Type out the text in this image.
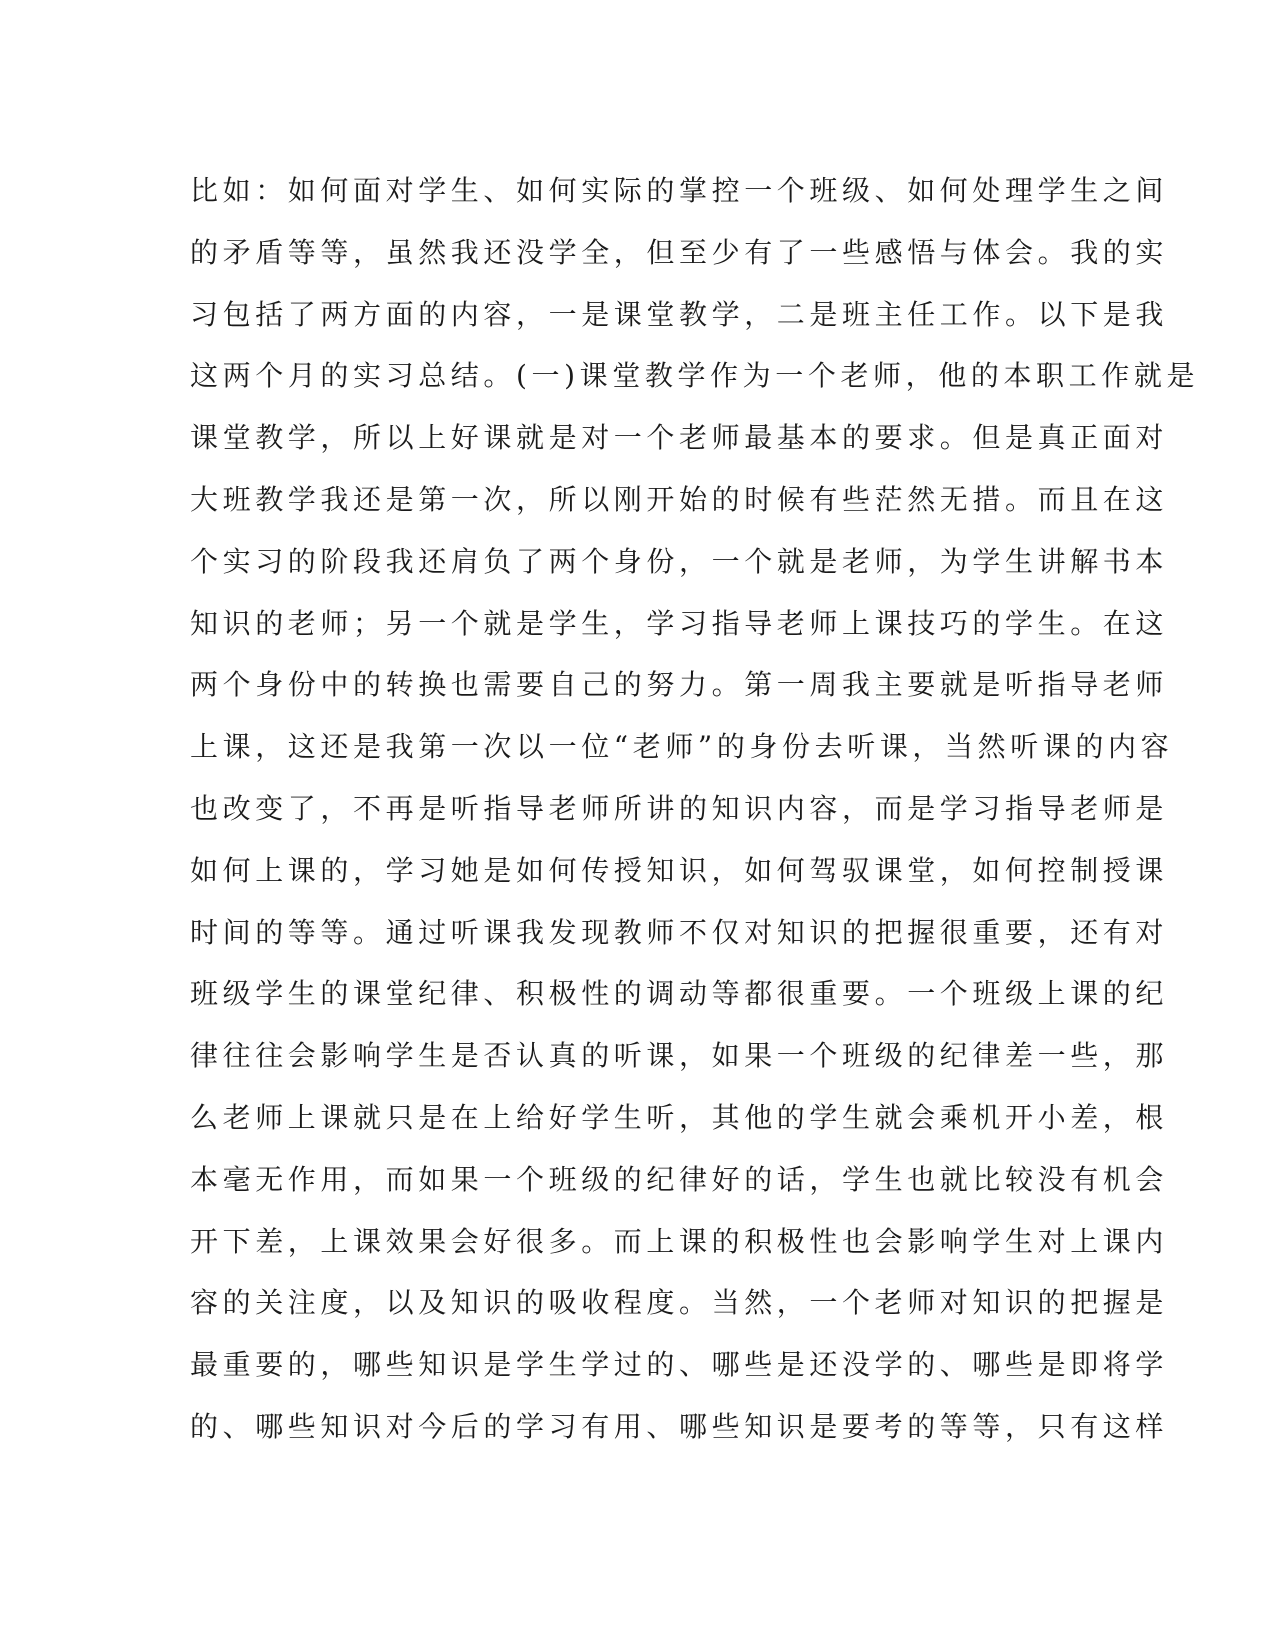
比如：如何面对学生、如何实际的掌控一个班级、如何处理学生之间
的矛盾等等，虽然我还没学全，但至少有了一些感悟与体会。我的实
习包括了两方面的内容，一是课堂教学，二是班主任工作。以下是我
这两个月的实习总结。(一)课堂教学作为一个老师，他的本职工作就是
课堂教学，所以上好课就是对一个老师最基本的要求。但是真正面对
大班教学我还是第一次，所以刚开始的时候有些茫然无措。而且在这
个实习的阶段我还肩负了两个身份，一个就是老师，为学生讲解书本
知识的老师；另一个就是学生，学习指导老师上课技巧的学生。在这
两个身份中的转换也需要自己的努力。第一周我主要就是听指导老师
上课，这还是我第一次以一位“老师”的身份去听课，当然听课的内容
也改变了，不再是听指导老师所讲的知识内容，而是学习指导老师是
如何上课的，学习她是如何传授知识，如何驾驭课堂，如何控制授课
时间的等等。通过听课我发现教师不仅对知识的把握很重要，还有对
班级学生的课堂纪律、积极性的调动等都很重要。一个班级上课的纪
律往往会影响学生是否认真的听课，如果一个班级的纪律差一些，那
么老师上课就只是在上给好学生听，其他的学生就会乘机开小差，根
本毫无作用，而如果一个班级的纪律好的话，学生也就比较没有机会
开下差，上课效果会好很多。而上课的积极性也会影响学生对上课内
容的关注度，以及知识的吸收程度。当然，一个老师对知识的把握是
最重要的，哪些知识是学生学过的、哪些是还没学的、哪些是即将学
的、哪些知识对今后的学习有用、哪些知识是要考的等等，只有这样
